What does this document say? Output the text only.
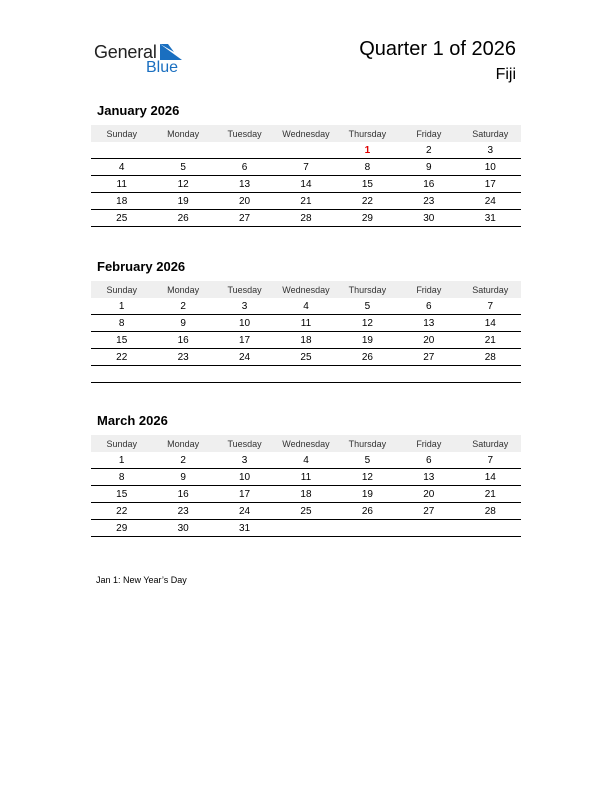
General
Blue
Quarter 1 of 2026
Fiji
January 2026
Sunday	Monday	Tuesday	Wednesday	Thursday	Friday	Saturday
				1	2	3
4	5	6	7	8	9	10
11	12	13	14	15	16	17
18	19	20	21	22	23	24
25	26	27	28	29	30	31
February 2026
Sunday	Monday	Tuesday	Wednesday	Thursday	Friday	Saturday
1	2	3	4	5	6	7
8	9	10	11	12	13	14
15	16	17	18	19	20	21
22	23	24	25	26	27	28

March 2026
Sunday	Monday	Tuesday	Wednesday	Thursday	Friday	Saturday
1	2	3	4	5	6	7
8	9	10	11	12	13	14
15	16	17	18	19	20	21
22	23	24	25	26	27	28
29	30	31				
Jan 1: New Year’s Day
